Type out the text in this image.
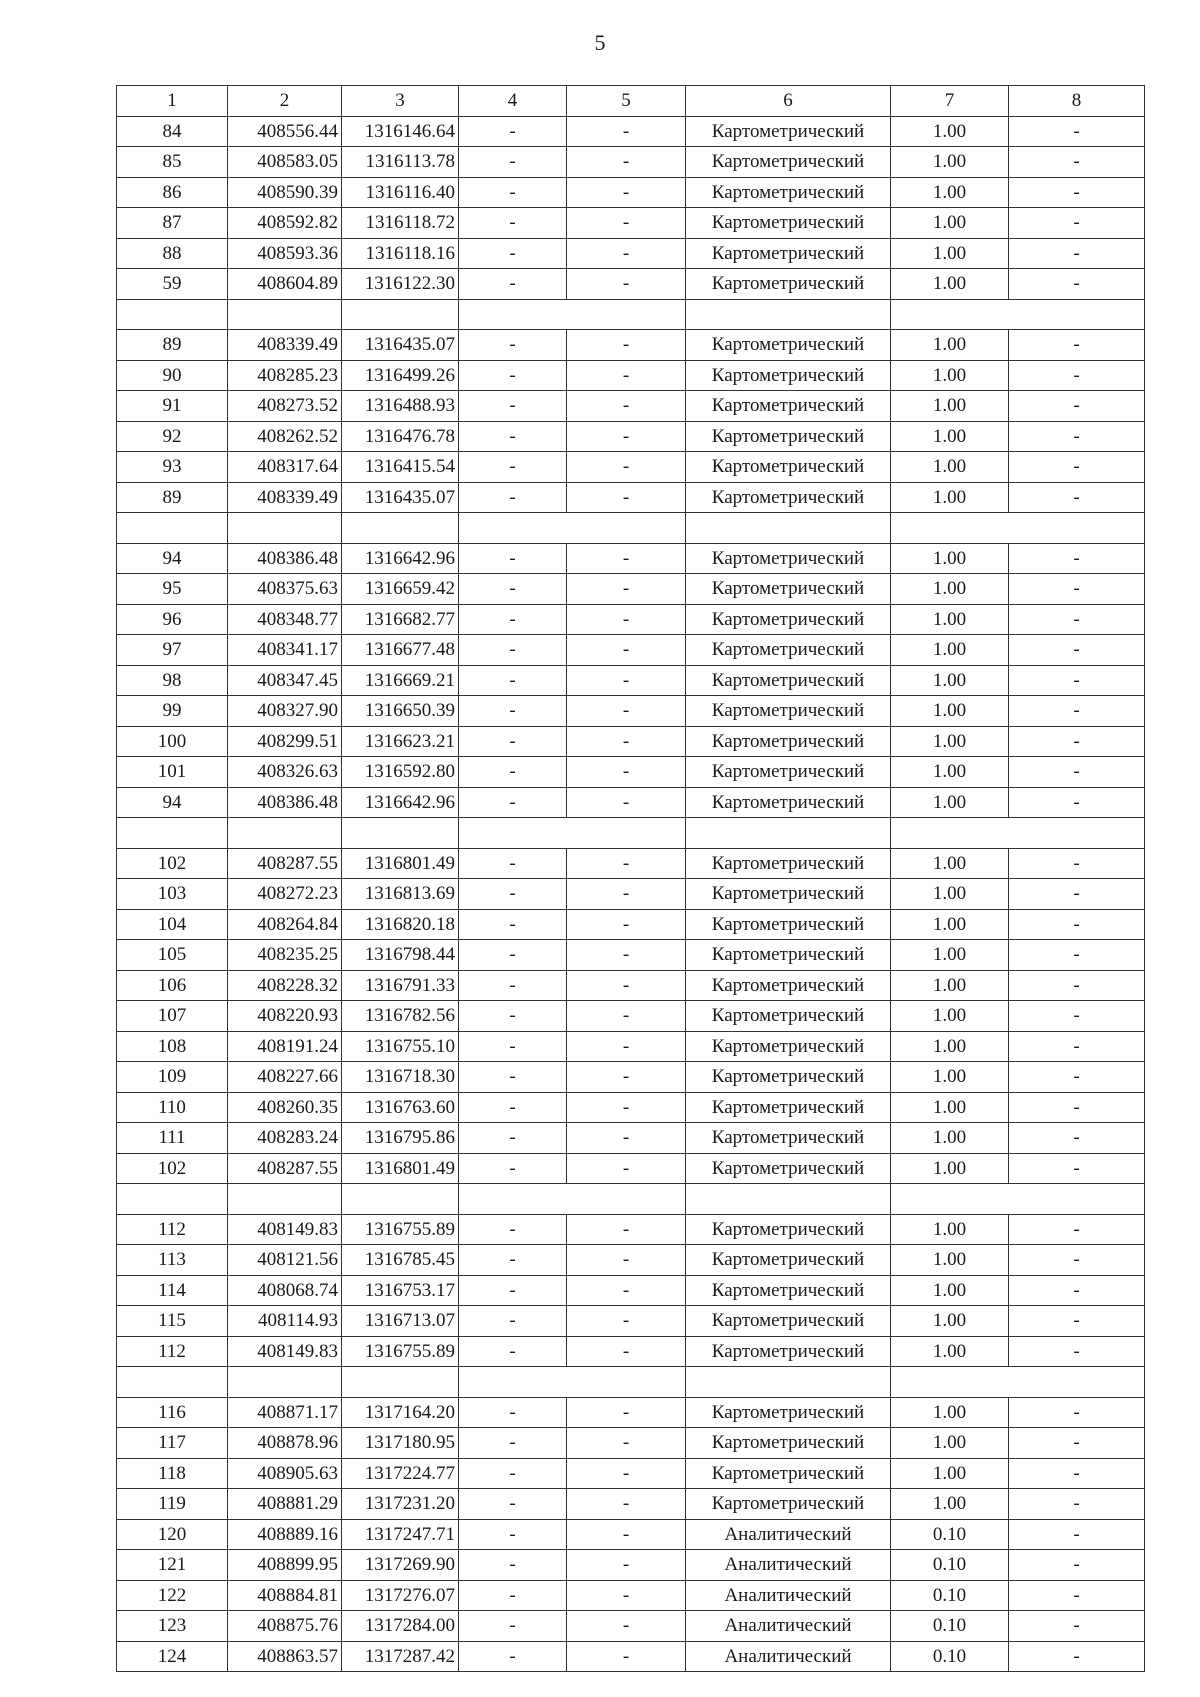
5
1	2	3	4	5	6	7	8
84	408556.44	1316146.64	-	-	Картометрический	1.00	-
85	408583.05	1316113.78	-	-	Картометрический	1.00	-
86	408590.39	1316116.40	-	-	Картометрический	1.00	-
87	408592.82	1316118.72	-	-	Картометрический	1.00	-
88	408593.36	1316118.16	-	-	Картометрический	1.00	-
59	408604.89	1316122.30	-	-	Картометрический	1.00	-

89	408339.49	1316435.07	-	-	Картометрический	1.00	-
90	408285.23	1316499.26	-	-	Картометрический	1.00	-
91	408273.52	1316488.93	-	-	Картометрический	1.00	-
92	408262.52	1316476.78	-	-	Картометрический	1.00	-
93	408317.64	1316415.54	-	-	Картометрический	1.00	-
89	408339.49	1316435.07	-	-	Картометрический	1.00	-

94	408386.48	1316642.96	-	-	Картометрический	1.00	-
95	408375.63	1316659.42	-	-	Картометрический	1.00	-
96	408348.77	1316682.77	-	-	Картометрический	1.00	-
97	408341.17	1316677.48	-	-	Картометрический	1.00	-
98	408347.45	1316669.21	-	-	Картометрический	1.00	-
99	408327.90	1316650.39	-	-	Картометрический	1.00	-
100	408299.51	1316623.21	-	-	Картометрический	1.00	-
101	408326.63	1316592.80	-	-	Картометрический	1.00	-
94	408386.48	1316642.96	-	-	Картометрический	1.00	-

102	408287.55	1316801.49	-	-	Картометрический	1.00	-
103	408272.23	1316813.69	-	-	Картометрический	1.00	-
104	408264.84	1316820.18	-	-	Картометрический	1.00	-
105	408235.25	1316798.44	-	-	Картометрический	1.00	-
106	408228.32	1316791.33	-	-	Картометрический	1.00	-
107	408220.93	1316782.56	-	-	Картометрический	1.00	-
108	408191.24	1316755.10	-	-	Картометрический	1.00	-
109	408227.66	1316718.30	-	-	Картометрический	1.00	-
110	408260.35	1316763.60	-	-	Картометрический	1.00	-
111	408283.24	1316795.86	-	-	Картометрический	1.00	-
102	408287.55	1316801.49	-	-	Картометрический	1.00	-

112	408149.83	1316755.89	-	-	Картометрический	1.00	-
113	408121.56	1316785.45	-	-	Картометрический	1.00	-
114	408068.74	1316753.17	-	-	Картометрический	1.00	-
115	408114.93	1316713.07	-	-	Картометрический	1.00	-
112	408149.83	1316755.89	-	-	Картометрический	1.00	-

116	408871.17	1317164.20	-	-	Картометрический	1.00	-
117	408878.96	1317180.95	-	-	Картометрический	1.00	-
118	408905.63	1317224.77	-	-	Картометрический	1.00	-
119	408881.29	1317231.20	-	-	Картометрический	1.00	-
120	408889.16	1317247.71	-	-	Аналитический	0.10	-
121	408899.95	1317269.90	-	-	Аналитический	0.10	-
122	408884.81	1317276.07	-	-	Аналитический	0.10	-
123	408875.76	1317284.00	-	-	Аналитический	0.10	-
124	408863.57	1317287.42	-	-	Аналитический	0.10	-
